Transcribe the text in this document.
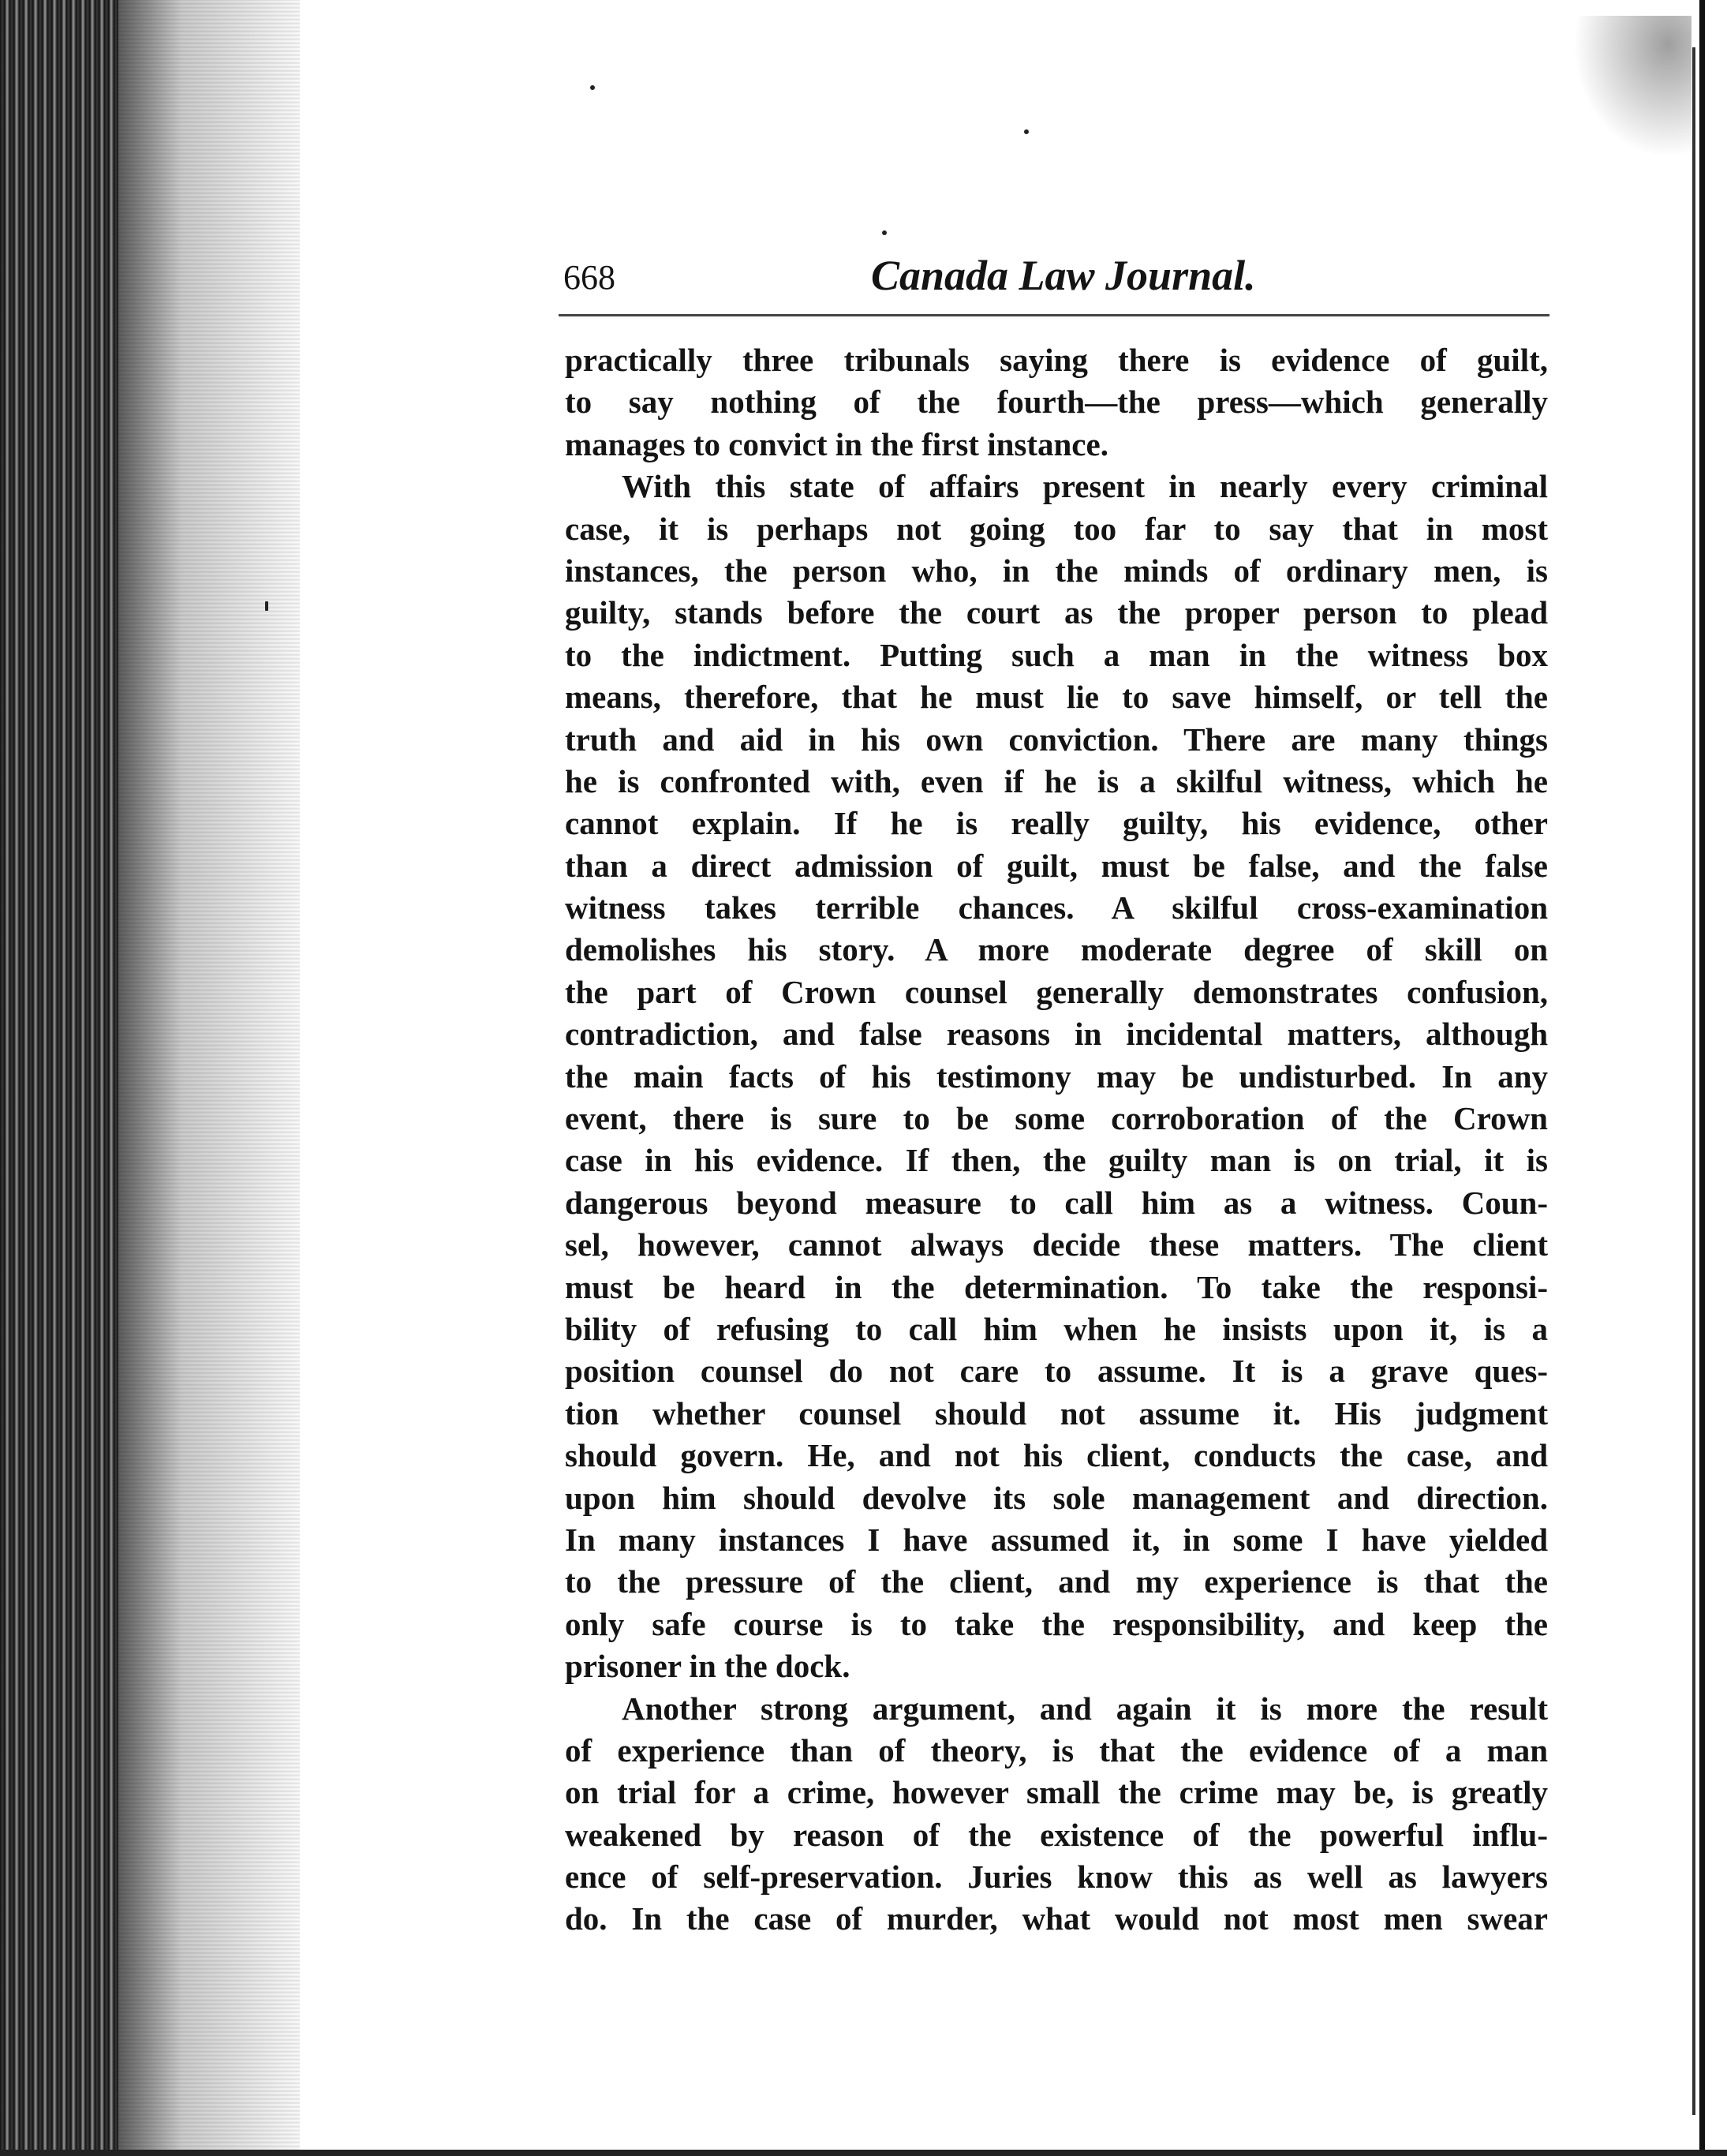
668	Canada Law Journal.
practically three tribunals saying there is evidence of guilt,
to say nothing of the fourth—the press—which generally
manages to convict in the first instance.
With this state of affairs present in nearly every criminal
case, it is perhaps not going too far to say that in most
instances, the person who, in the minds of ordinary men, is
guilty, stands before the court as the proper person to plead
to the indictment. Putting such a man in the witness box
means, therefore, that he must lie to save himself, or tell the
truth and aid in his own conviction. There are many things
he is confronted with, even if he is a skilful witness, which he
cannot explain. If he is really guilty, his evidence, other
than a direct admission of guilt, must be false, and the false
witness takes terrible chances. A skilful cross-examination
demolishes his story. A more moderate degree of skill on
the part of Crown counsel generally demonstrates confusion,
contradiction, and false reasons in incidental matters, although
the main facts of his testimony may be undisturbed. In any
event, there is sure to be some corroboration of the Crown
case in his evidence. If then, the guilty man is on trial, it is
dangerous beyond measure to call him as a witness. Coun-
sel, however, cannot always decide these matters. The client
must be heard in the determination. To take the responsi-
bility of refusing to call him when he insists upon it, is a
position counsel do not care to assume. It is a grave ques-
tion whether counsel should not assume it. His judgment
should govern. He, and not his client, conducts the case, and
upon him should devolve its sole management and direction.
In many instances I have assumed it, in some I have yielded
to the pressure of the client, and my experience is that the
only safe course is to take the responsibility, and keep the
prisoner in the dock.
Another strong argument, and again it is more the result
of experience than of theory, is that the evidence of a man
on trial for a crime, however small the crime may be, is greatly
weakened by reason of the existence of the powerful influ-
ence of self-preservation. Juries know this as well as lawyers
do. In the case of murder, what would not most men swear
